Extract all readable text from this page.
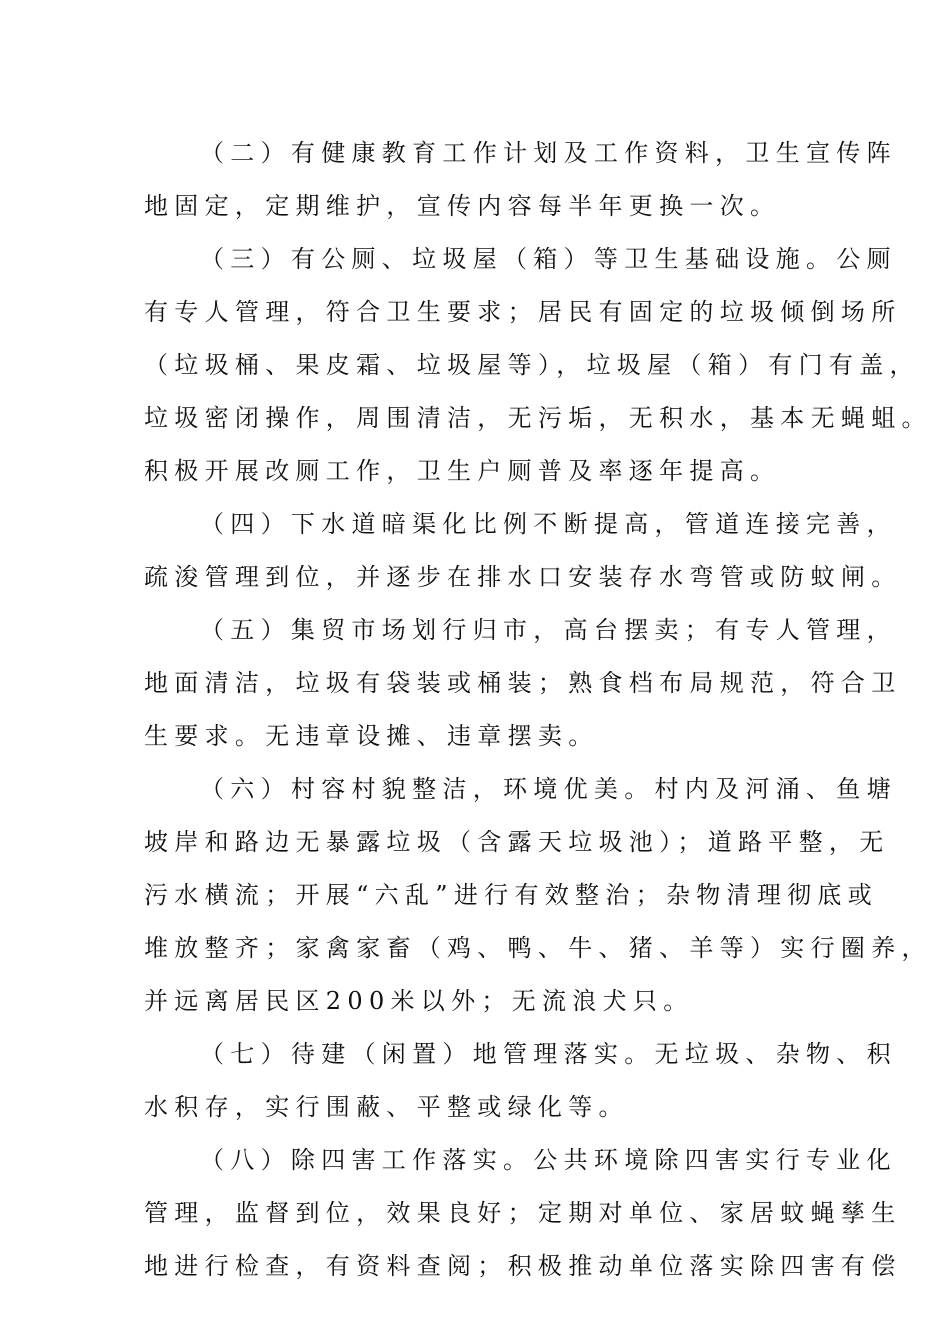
（二）有健康教育工作计划及工作资料，卫生宣传阵
地固定，定期维护，宣传内容每半年更换一次。
（三）有公厕、垃圾屋（箱）等卫生基础设施。公厕
有专人管理，符合卫生要求；居民有固定的垃圾倾倒场所
（垃圾桶、果皮霜、垃圾屋等），垃圾屋（箱）有门有盖，
垃圾密闭操作，周围清洁，无污垢，无积水，基本无蝇蛆。
积极开展改厕工作，卫生户厕普及率逐年提高。
（四）下水道暗渠化比例不断提高，管道连接完善，
疏浚管理到位，并逐步在排水口安装存水弯管或防蚊闸。
（五）集贸市场划行归市，高台摆卖；有专人管理，
地面清洁，垃圾有袋装或桶装；熟食档布局规范，符合卫
生要求。无违章设摊、违章摆卖。
（六）村容村貌整洁，环境优美。村内及河涌、鱼塘
坡岸和路边无暴露垃圾（含露天垃圾池）；道路平整，无
污水横流；开展“六乱”进行有效整治；杂物清理彻底或
堆放整齐；家禽家畜（鸡、鸭、牛、猪、羊等）实行圈养，
并远离居民区200米以外；无流浪犬只。
（七）待建（闲置）地管理落实。无垃圾、杂物、积
水积存，实行围蔽、平整或绿化等。
（八）除四害工作落实。公共环境除四害实行专业化
管理，监督到位，效果良好；定期对单位、家居蚊蝇孳生
地进行检查，有资料查阅；积极推动单位落实除四害有偿
